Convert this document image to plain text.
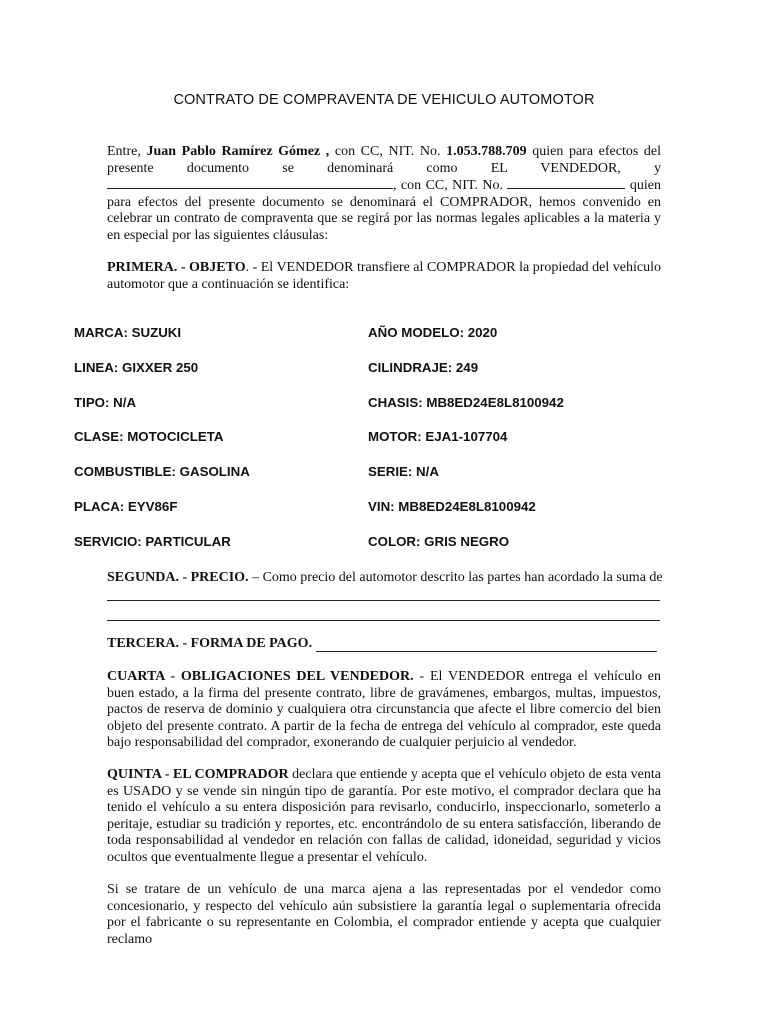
CONTRATO DE COMPRAVENTA DE VEHICULO AUTOMOTOR
Entre, Juan Pablo Ramírez Gómez , con CC, NIT. No. 1.053.788.709 quien para efectos del presente documento se denominará como EL VENDEDOR, y , con CC, NIT. No.	quien para efectos del presente documento se denominará el COMPRADOR, hemos convenido en celebrar un contrato de compraventa que se regirá por las normas legales aplicables a la materia y en especial por las siguientes cláusulas:
PRIMERA. - OBJETO. - El VENDEDOR transfiere al COMPRADOR la propiedad del vehículo automotor que a continuación se identifica:
MARCA: SUZUKI	AÑO MODELO: 2020
LINEA: GIXXER 250	CILINDRAJE: 249
TIPO: N/A	CHASIS: MB8ED24E8L8100942
CLASE: MOTOCICLETA	MOTOR: EJA1-107704
COMBUSTIBLE: GASOLINA	SERIE: N/A
PLACA: EYV86F	VIN: MB8ED24E8L8100942
SERVICIO: PARTICULAR	COLOR: GRIS NEGRO
SEGUNDA. - PRECIO. – Como precio del automotor descrito las partes han acordado la suma de
TERCERA. - FORMA DE PAGO.
CUARTA - OBLIGACIONES DEL VENDEDOR. - El VENDEDOR entrega el vehículo en buen estado, a la firma del presente contrato, libre de gravámenes, embargos, multas, impuestos, pactos de reserva de dominio y cualquiera otra circunstancia que afecte el libre comercio del bien objeto del presente contrato. A partir de la fecha de entrega del vehículo al comprador, este queda bajo responsabilidad del comprador, exonerando de cualquier perjuicio al vendedor.
QUINTA - EL COMPRADOR declara que entiende y acepta que el vehículo objeto de esta venta es USADO y se vende sin ningún tipo de garantía. Por este motivo, el comprador declara que ha tenido el vehículo a su entera disposición para revisarlo, conducirlo, inspeccionarlo, someterlo a peritaje, estudiar su tradición y reportes, etc. encontrándolo de su entera satisfacción, liberando de toda responsabilidad al vendedor en relación con fallas de calidad, idoneidad, seguridad y vicios ocultos que eventualmente llegue a presentar el vehículo.
Si se tratare de un vehículo de una marca ajena a las representadas por el vendedor como concesionario, y respecto del vehículo aún subsistiere la garantía legal o suplementaria ofrecida por el fabricante o su representante en Colombia, el comprador entiende y acepta que cualquier reclamo
